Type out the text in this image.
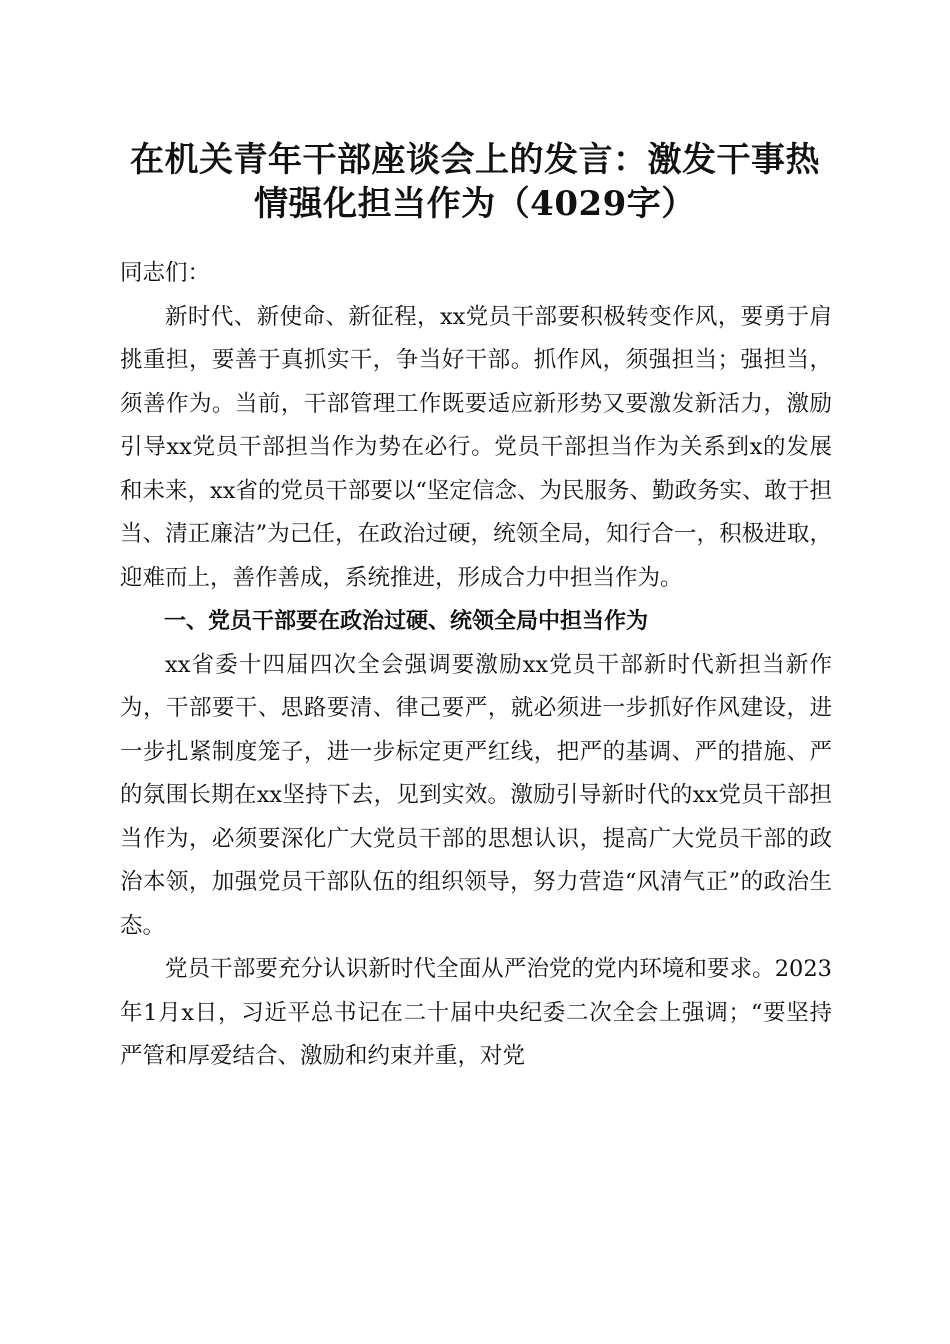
在机关青年干部座谈会上的发言：激发干事热
情强化担当作为（4029字）

同志们：

新时代、新使命、新征程，xx党员干部要积极转变作风，要勇于肩挑重担，要善于真抓实干，争当好干部。抓作风，须强担当；强担当，须善作为。当前，干部管理工作既要适应新形势又要激发新活力，激励引导xx党员干部担当作为势在必行。党员干部担当作为关系到x的发展和未来，xx省的党员干部要以“坚定信念、为民服务、勤政务实、敢于担当、清正廉洁”为己任，在政治过硬，统领全局，知行合一，积极进取，迎难而上，善作善成，系统推进，形成合力中担当作为。

一、党员干部要在政治过硬、统领全局中担当作为

xx省委十四届四次全会强调要激励xx党员干部新时代新担当新作为，干部要干、思路要清、律己要严，就必须进一步抓好作风建设，进一步扎紧制度笼子，进一步标定更严红线，把严的基调、严的措施、严的氛围长期在xx坚持下去，见到实效。激励引导新时代的xx党员干部担当作为，必须要深化广大党员干部的思想认识，提高广大党员干部的政治本领，加强党员干部队伍的组织领导，努力营造“风清气正”的政治生态。

党员干部要充分认识新时代全面从严治党的党内环境和要求。2023年1月x日，习近平总书记在二十届中央纪委二次全会上强调；“要坚持严管和厚爱结合、激励和约束并重，对党
